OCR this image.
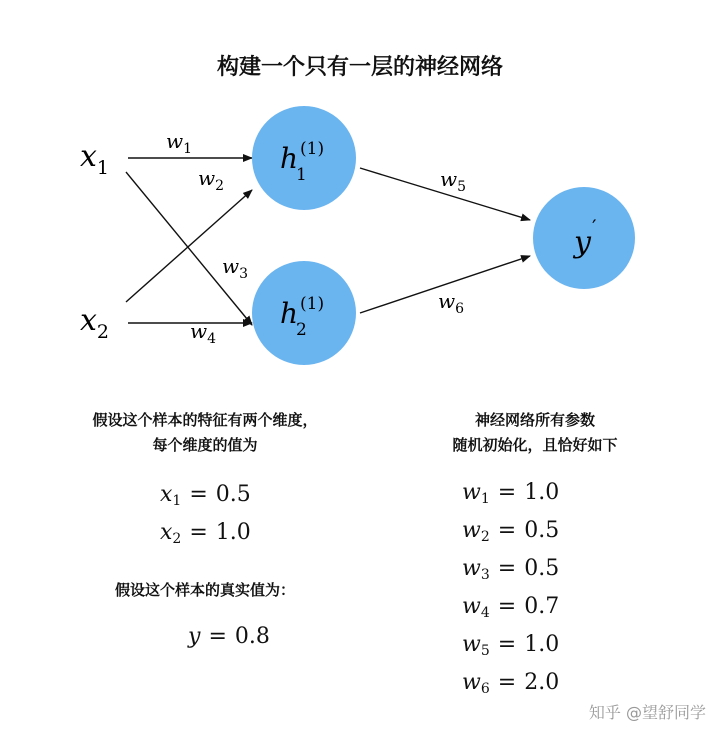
构建一个只有一层的神经网络
$x_1$
$x_2$
h (1)
1
h (1)
2
y ′
$w_1$
$w_2$
$w_3$
$w_4$
$w_5$
$w_6$
假设这个样本的特征有两个维度，
每个维度的值为
$x_1 = 0.5$
$x_2 = 1.0$
假设这个样本的真实值为：
y = 0.8
神经网络所有参数
随机初始化，且恰好如下
$w_1 = 1.0$
$w_2 = 0.5$
$w_3 = 0.5$
$w_4 = 0.7$
$w_5 = 1.0$
$w_6 = 2.0$
知乎 @望舒同学
